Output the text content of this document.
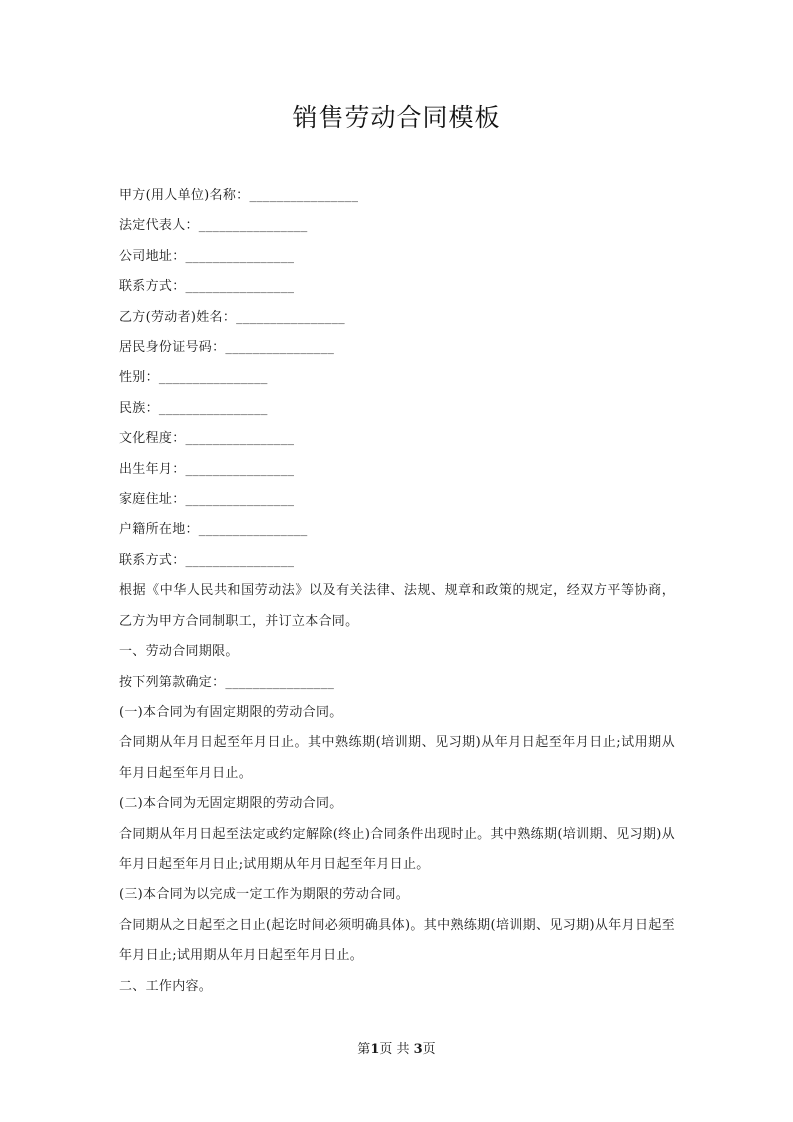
销售劳动合同模板
甲方(用人单位)名称：________________
法定代表人：________________
公司地址：________________
联系方式：________________
乙方(劳动者)姓名：________________
居民身份证号码：________________
性别：________________
民族：________________
文化程度：________________
出生年月：________________
家庭住址：________________
户籍所在地：________________
联系方式：________________
根据《中华人民共和国劳动法》以及有关法律、法规、规章和政策的规定，经双方平等协商，乙方为甲方合同制职工，并订立本合同。
一、劳动合同期限。
按下列第款确定：________________
(一)本合同为有固定期限的劳动合同。
合同期从年月日起至年月日止。其中熟练期(培训期、见习期)从年月日起至年月日止;试用期从年月日起至年月日止。
(二)本合同为无固定期限的劳动合同。
合同期从年月日起至法定或约定解除(终止)合同条件出现时止。其中熟练期(培训期、见习期)从年月日起至年月日止;试用期从年月日起至年月日止。
(三)本合同为以完成一定工作为期限的劳动合同。
合同期从之日起至之日止(起讫时间必须明确具体)。其中熟练期(培训期、见习期)从年月日起至年月日止;试用期从年月日起至年月日止。
二、工作内容。
第1页 共 3页
